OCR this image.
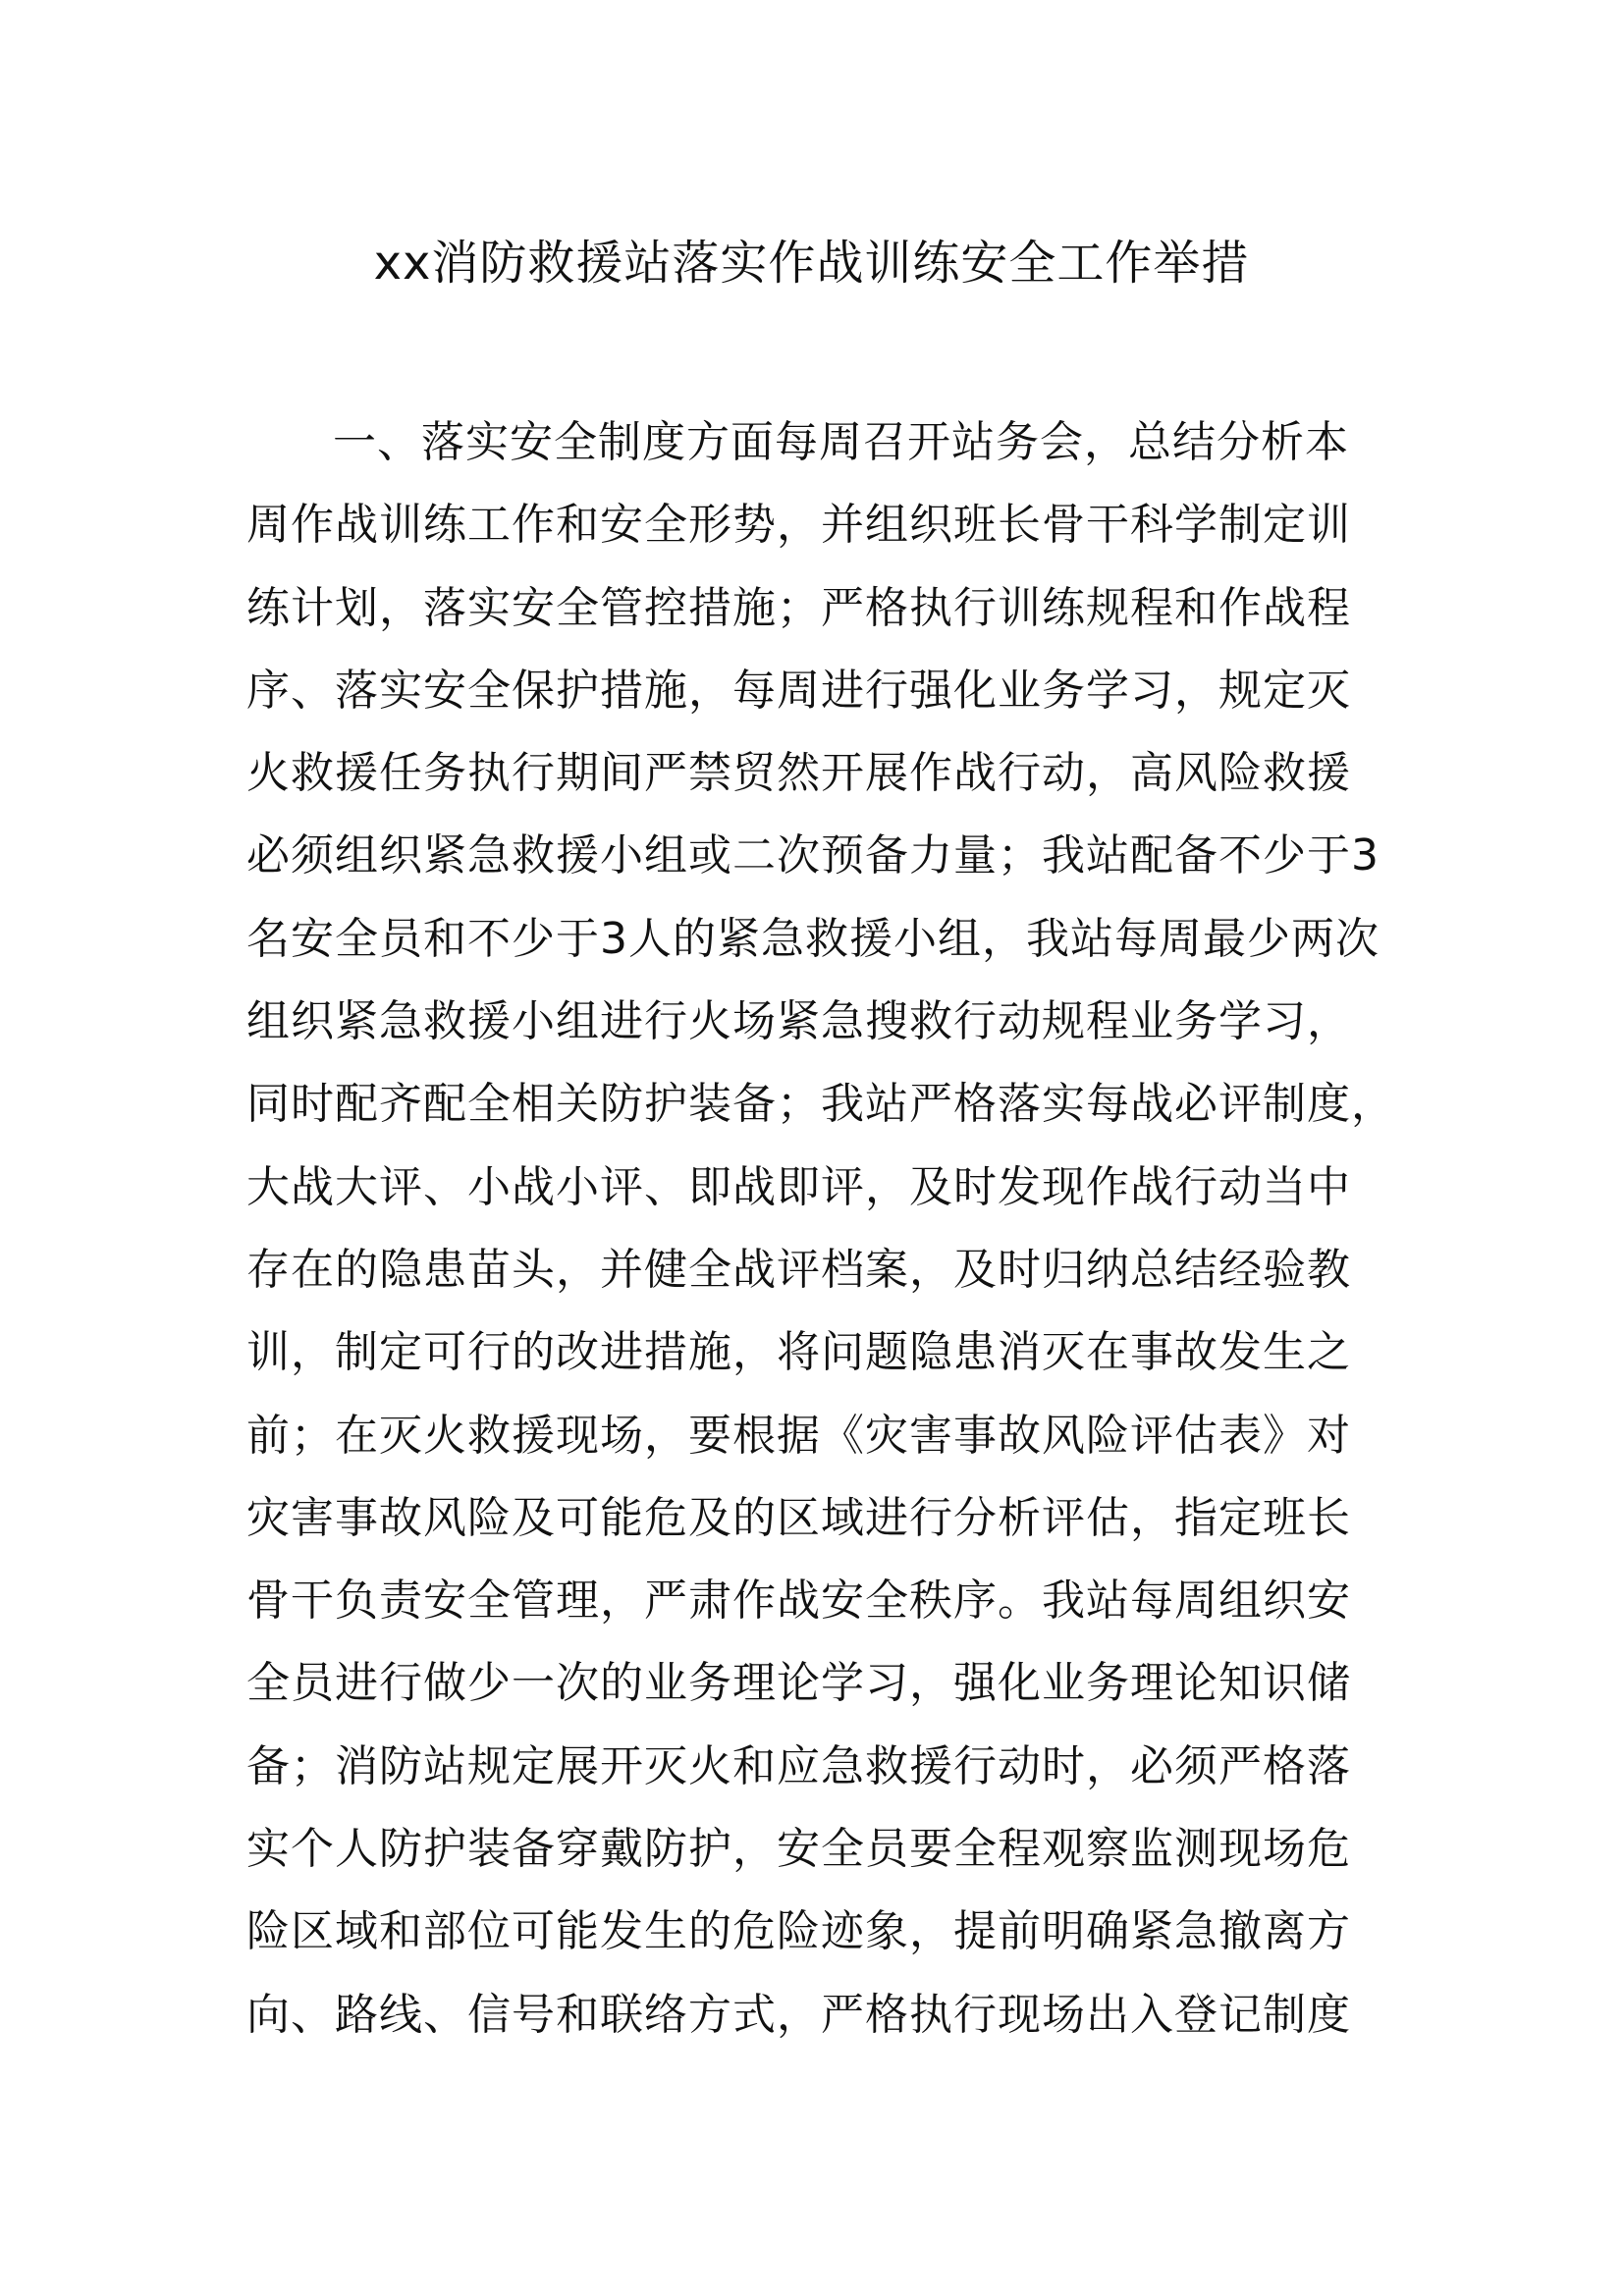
xx消防救援站落实作战训练安全工作举措
一、落实安全制度方面每周召开站务会，总结分析本
周作战训练工作和安全形势，并组织班长骨干科学制定训
练计划，落实安全管控措施；严格执行训练规程和作战程
序、落实安全保护措施，每周进行强化业务学习，规定灭
火救援任务执行期间严禁贸然开展作战行动，高风险救援
必须组织紧急救援小组或二次预备力量；我站配备不少于3
名安全员和不少于3人的紧急救援小组，我站每周最少两次
组织紧急救援小组进行火场紧急搜救行动规程业务学习，
同时配齐配全相关防护装备；我站严格落实每战必评制度，
大战大评、小战小评、即战即评，及时发现作战行动当中
存在的隐患苗头，并健全战评档案，及时归纳总结经验教
训，制定可行的改进措施，将问题隐患消灭在事故发生之
前；在灭火救援现场，要根据《灾害事故风险评估表》对
灾害事故风险及可能危及的区域进行分析评估，指定班长
骨干负责安全管理，严肃作战安全秩序。我站每周组织安
全员进行做少一次的业务理论学习，强化业务理论知识储
备；消防站规定展开灭火和应急救援行动时，必须严格落
实个人防护装备穿戴防护，安全员要全程观察监测现场危
险区域和部位可能发生的危险迹象，提前明确紧急撤离方
向、路线、信号和联络方式，严格执行现场出入登记制度
